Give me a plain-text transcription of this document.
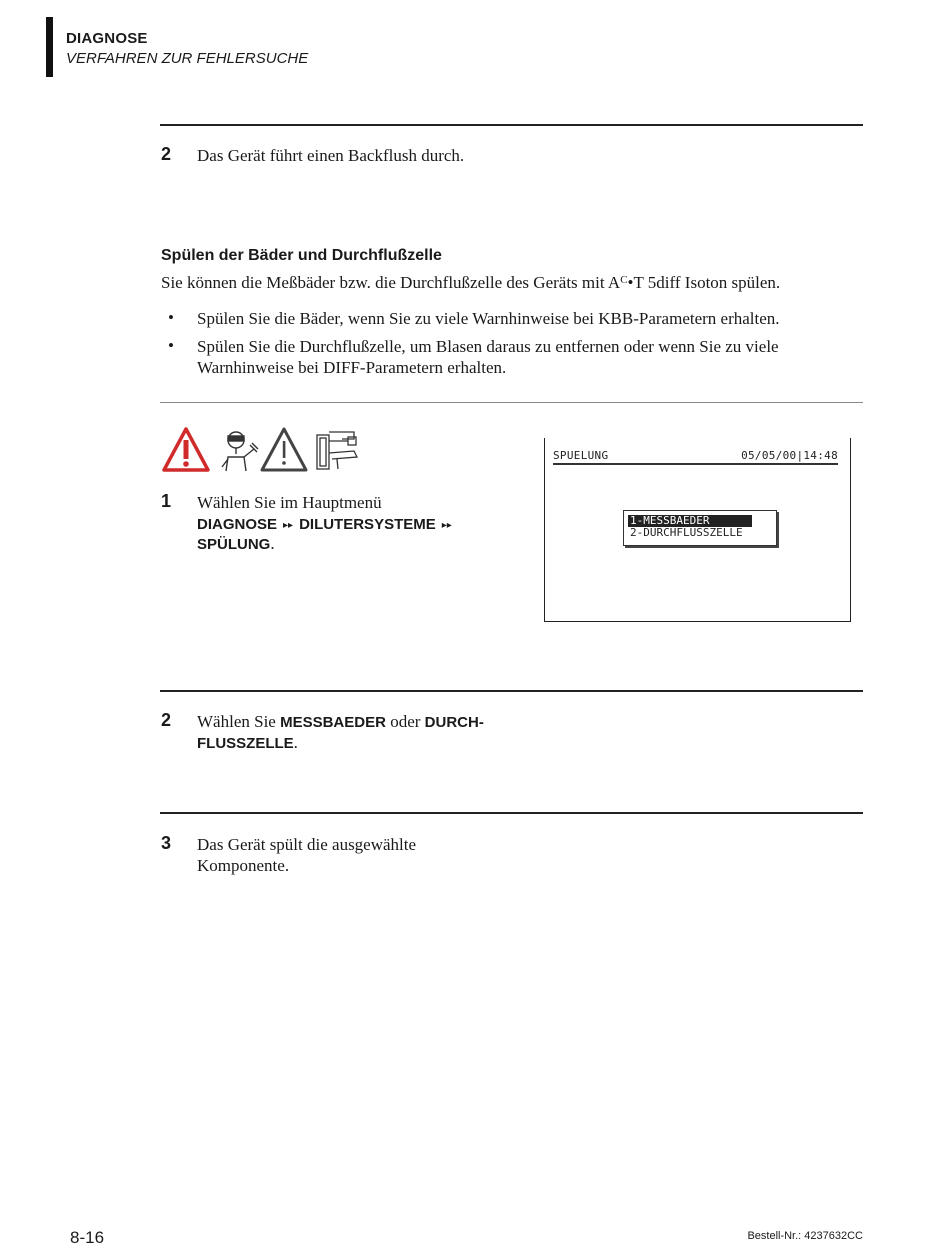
DIAGNOSE
VERFAHREN ZUR FEHLERSUCHE
2 Das Gerät führt einen Backflush durch.
Spülen der Bäder und Durchflußzelle
Sie können die Meßbäder bzw. die Durchflußzelle des Geräts mit $A^C•T$ 5diff Isoton spülen.
• Spülen Sie die Bäder, wenn Sie zu viele Warnhinweise bei KBB-Parametern erhalten.
• Spülen Sie die Durchflußzelle, um Blasen daraus zu entfernen oder wenn Sie zu viele Warnhinweise bei DIFF-Parametern erhalten.
1 Wählen Sie im Hauptmenü
DIAGNOSE ▸▸ DILUTERSYSTEME ▸▸
SPÜLUNG.
SPUELUNG	05/05/00|14:48
1-MESSBAEDER
2-DURCHFLUSSZELLE
2 Wählen Sie MESSBAEDER oder DURCH-
FLUSSZELLE.
3 Das Gerät spült die ausgewählte
Komponente.
8-16	Bestell-Nr.: 4237632CC
